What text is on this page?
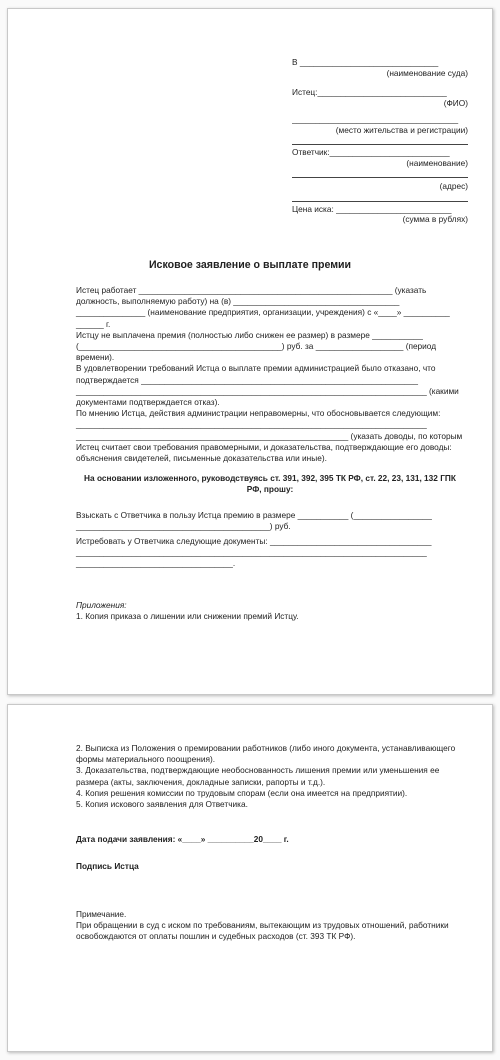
В ______________________________
(наименование суда)
Истец:____________________________
(ФИО)
____________________________________
(место жительства и регистрации)
Ответчик:__________________________
(наименование)
(адрес)
Цена иска: _________________________
(сумма в рублях)
Исковое заявление о выплате премии

Истец работает _______________________________________________________ (указать должность, выполняемую работу) на (в) ____________________________________ _______________ (наименование предприятия, организации, учреждения) с «____» __________ ______ г.

Истцу не выплачена премия (полностью либо снижен ее размер) в размере ___________ (____________________________________________) руб. за ___________________ (период времени).

В удовлетворении требований Истца о выплате премии администрацией было отказано, что подтверждается ____________________________________________________________ ____________________________________________________________________________ (какими документами подтверждается отказ).

По мнению Истца, действия администрации неправомерны, что обосновывается следующим: ____________________________________________________________________________ ___________________________________________________________ (указать доводы, по которым Истец считает свои требования правомерными, и доказательства, подтверждающие его доводы: объяснения свидетелей, письменные доказательства или иные).

На основании изложенного, руководствуясь ст. 391, 392, 395 ТК РФ, ст. 22, 23, 131, 132 ГПК РФ, прошу:

Взыскать с Ответчика в пользу Истца премию в размере ___________ (_________________ __________________________________________) руб.

Истребовать у Ответчика следующие документы: ___________________________________ ____________________________________________________________________________ __________________________________.

Приложения:

1. Копия приказа о лишении или снижении премий Истцу.

2. Выписка из Положения о премировании работников (либо иного документа, устанавливающего формы материального поощрения).

3. Доказательства, подтверждающие необоснованность лишения премии или уменьшения ее размера (акты, заключения, докладные записки, рапорты и т.д.).

4. Копия решения комиссии по трудовым спорам (если она имеется на предприятии).

5. Копия искового заявления для Ответчика.

Дата подачи заявления: «____» __________20____ г.

Подпись Истца

Примечание.

При обращении в суд с иском по требованиям, вытекающим из трудовых отношений, работники освобождаются от оплаты пошлин и судебных расходов (ст. 393 ТК РФ).
